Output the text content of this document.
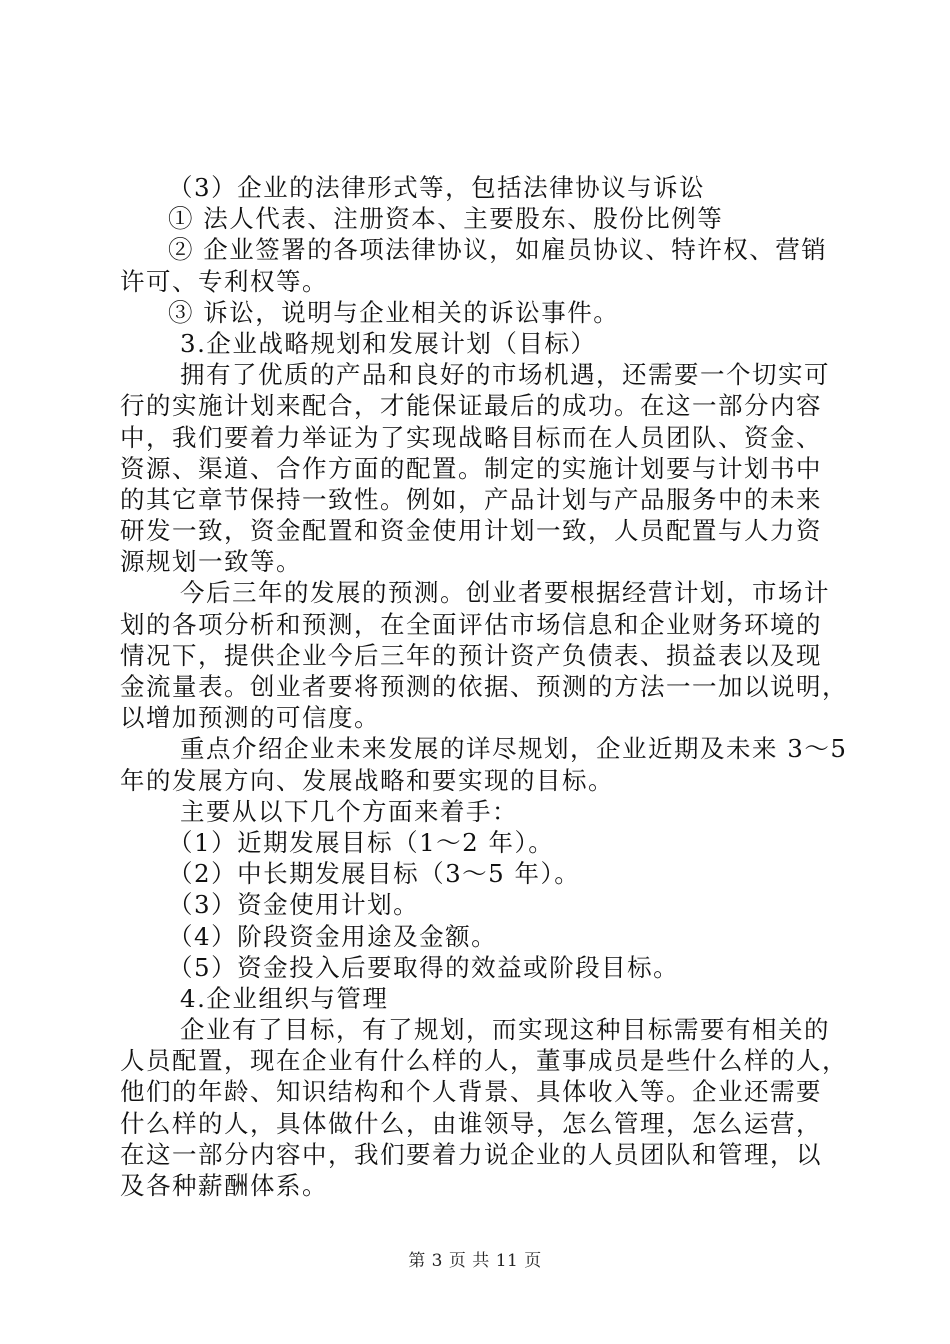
（3）企业的法律形式等，包括法律协议与诉讼
① 法人代表、注册资本、主要股东、股份比例等
② 企业签署的各项法律协议，如雇员协议、特许权、营销
许可、专利权等。
③ 诉讼，说明与企业相关的诉讼事件。
3.企业战略规划和发展计划（目标）
拥有了优质的产品和良好的市场机遇，还需要一个切实可
行的实施计划来配合，才能保证最后的成功。在这一部分内容
中，我们要着力举证为了实现战略目标而在人员团队、资金、
资源、渠道、合作方面的配置。制定的实施计划要与计划书中
的其它章节保持一致性。例如，产品计划与产品服务中的未来
研发一致，资金配置和资金使用计划一致，人员配置与人力资
源规划一致等。
今后三年的发展的预测。创业者要根据经营计划，市场计
划的各项分析和预测，在全面评估市场信息和企业财务环境的
情况下，提供企业今后三年的预计资产负债表、损益表以及现
金流量表。创业者要将预测的依据、预测的方法一一加以说明，
以增加预测的可信度。
重点介绍企业未来发展的详尽规划，企业近期及未来 3～5
年的发展方向、发展战略和要实现的目标。
主要从以下几个方面来着手：
（1）近期发展目标（1～2 年）。
（2）中长期发展目标（3～5 年）。
（3）资金使用计划。
（4）阶段资金用途及金额。
（5）资金投入后要取得的效益或阶段目标。
4.企业组织与管理
企业有了目标，有了规划，而实现这种目标需要有相关的
人员配置，现在企业有什么样的人，董事成员是些什么样的人，
他们的年龄、知识结构和个人背景、具体收入等。企业还需要
什么样的人，具体做什么，由谁领导，怎么管理，怎么运营，
在这一部分内容中，我们要着力说企业的人员团队和管理，以
及各种薪酬体系。
第 3 页 共 11 页
